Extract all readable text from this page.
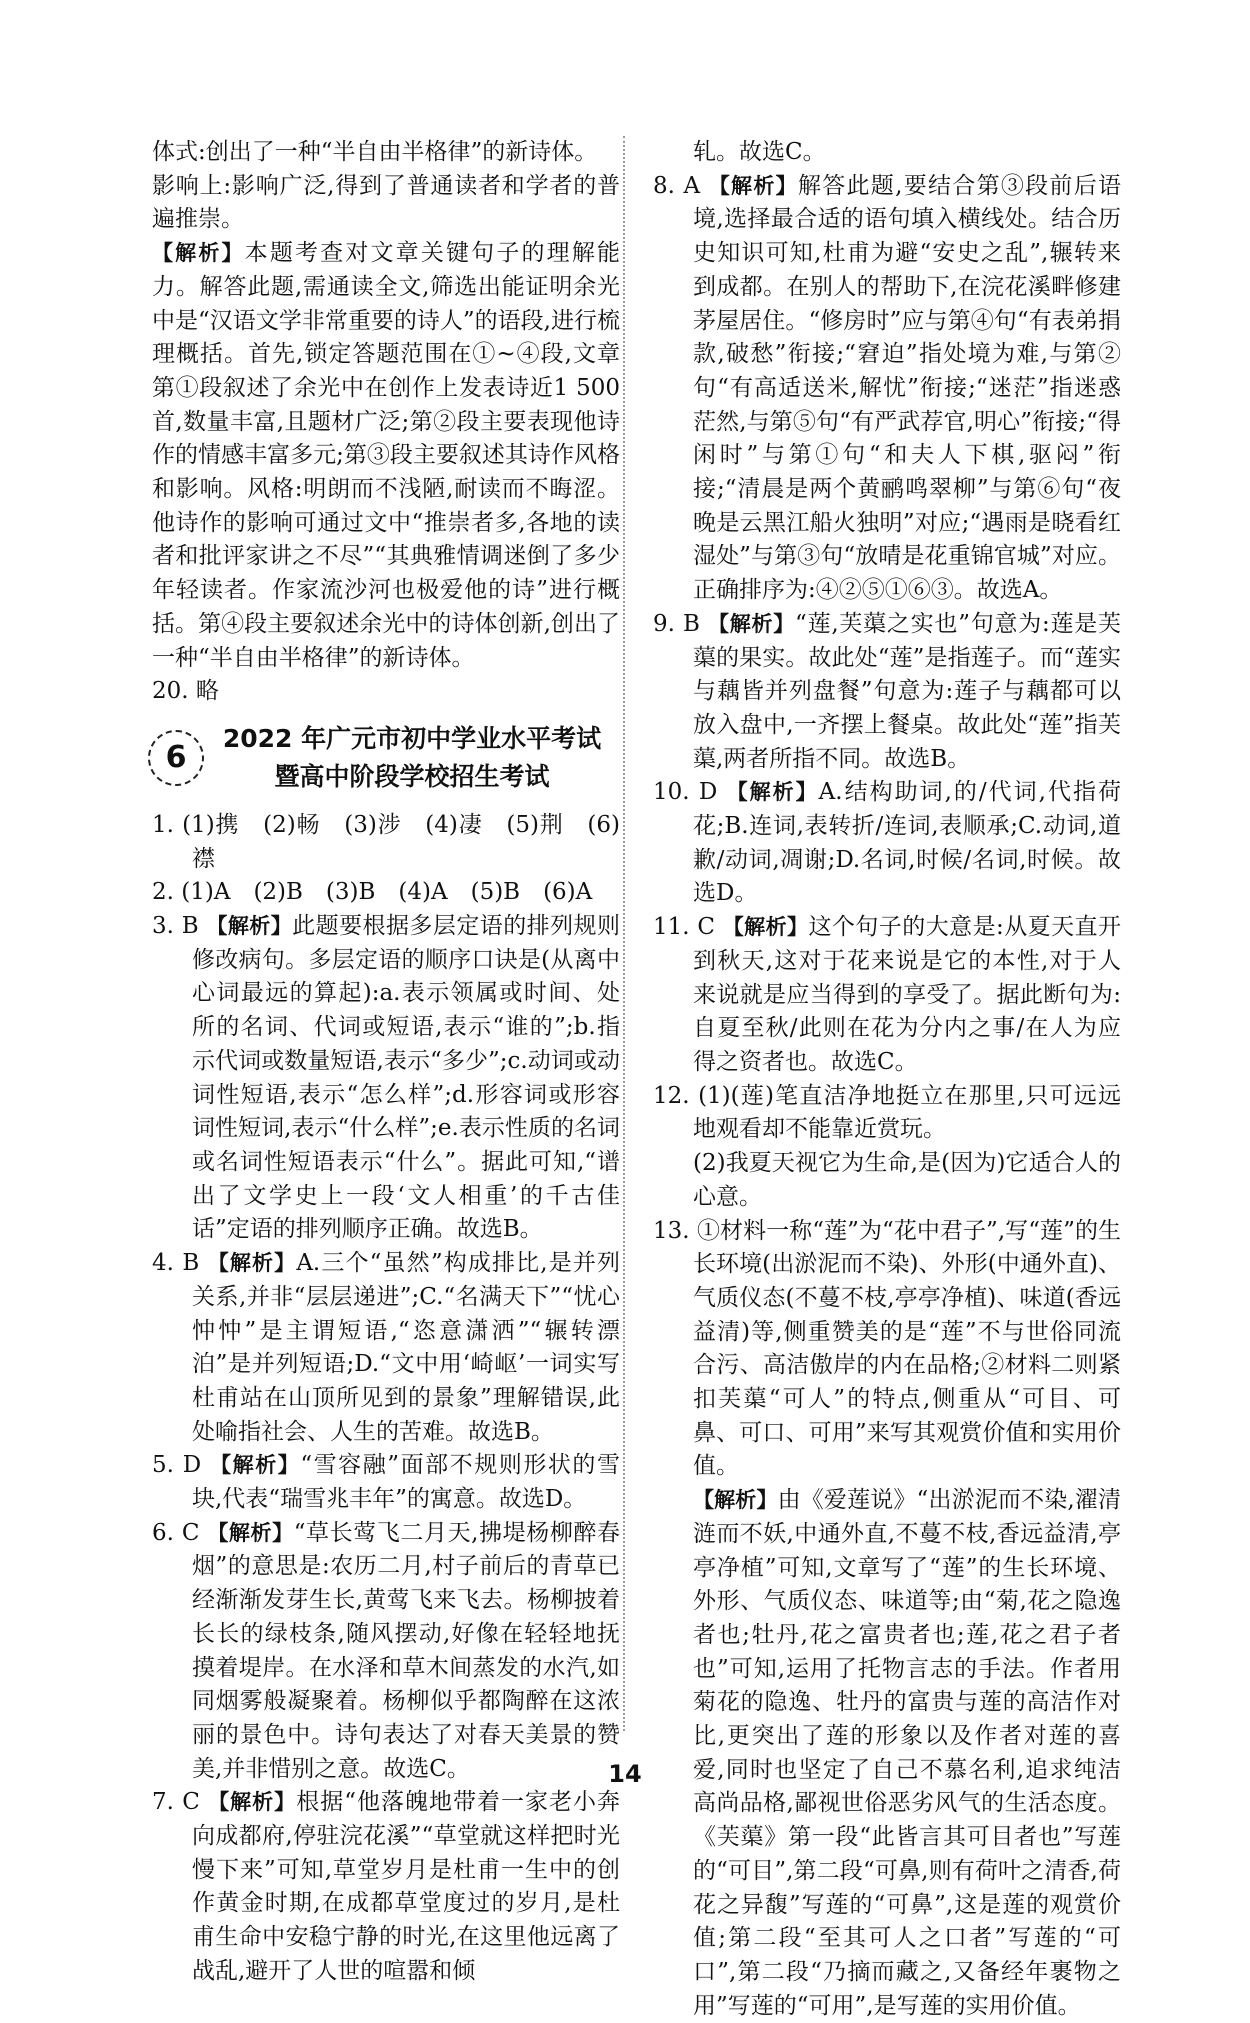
体式:创出了一种“半自由半格律”的新诗体。

影响上:影响广泛,得到了普通读者和学者的普遍推崇。

【解析】本题考查对文章关键句子的理解能力。解答此题,需通读全文,筛选出能证明余光中是“汉语文学非常重要的诗人”的语段,进行梳理概括。首先,锁定答题范围在①~④段,文章第①段叙述了余光中在创作上发表诗近1 500首,数量丰富,且题材广泛;第②段主要表现他诗作的情感丰富多元;第③段主要叙述其诗作风格和影响。风格:明朗而不浅陋,耐读而不晦涩。他诗作的影响可通过文中“推崇者多,各地的读者和批评家讲之不尽”“其典雅情调迷倒了多少年轻读者。作家流沙河也极爱他的诗”进行概括。第④段主要叙述余光中的诗体创新,创出了一种“半自由半格律”的新诗体。

20. 略

6
2022 年广元市初中学业水平考试
暨高中阶段学校招生考试

1. (1)携　(2)畅　(3)涉　(4)凄　(5)荆　(6)襟

2. (1)A　(2)B　(3)B　(4)A　(5)B　(6)A

3. B 【解析】此题要根据多层定语的排列规则修改病句。多层定语的顺序口诀是(从离中心词最远的算起):a.表示领属或时间、处所的名词、代词或短语,表示“谁的”;b.指示代词或数量短语,表示“多少”;c.动词或动词性短语,表示“怎么样”;d.形容词或形容词性短词,表示“什么样”;e.表示性质的名词或名词性短语表示“什么”。据此可知,“谱出了文学史上一段‘文人相重’的千古佳话”定语的排列顺序正确。故选B。

4. B 【解析】A.三个“虽然”构成排比,是并列关系,并非“层层递进”;C.“名满天下”“忧心忡忡”是主谓短语,“恣意潇洒”“辗转漂泊”是并列短语;D.“文中用‘崎岖’一词实写杜甫站在山顶所见到的景象”理解错误,此处喻指社会、人生的苦难。故选B。

5. D 【解析】“雪容融”面部不规则形状的雪块,代表“瑞雪兆丰年”的寓意。故选D。

6. C 【解析】“草长莺飞二月天,拂堤杨柳醉春烟”的意思是:农历二月,村子前后的青草已经渐渐发芽生长,黄莺飞来飞去。杨柳披着长长的绿枝条,随风摆动,好像在轻轻地抚摸着堤岸。在水泽和草木间蒸发的水汽,如同烟雾般凝聚着。杨柳似乎都陶醉在这浓丽的景色中。诗句表达了对春天美景的赞美,并非惜别之意。故选C。

7. C 【解析】根据“他落魄地带着一家老小奔向成都府,停驻浣花溪”“草堂就这样把时光慢下来”可知,草堂岁月是杜甫一生中的创作黄金时期,在成都草堂度过的岁月,是杜甫生命中安稳宁静的时光,在这里他远离了战乱,避开了人世的喧嚣和倾

轧。故选C。

8. A 【解析】解答此题,要结合第③段前后语境,选择最合适的语句填入横线处。结合历史知识可知,杜甫为避“安史之乱”,辗转来到成都。在别人的帮助下,在浣花溪畔修建茅屋居住。“修房时”应与第④句“有表弟捐款,破愁”衔接;“窘迫”指处境为难,与第②句“有高适送米,解忧”衔接;“迷茫”指迷惑茫然,与第⑤句“有严武荐官,明心”衔接;“得闲时”与第①句“和夫人下棋,驱闷”衔接;“清晨是两个黄鹂鸣翠柳”与第⑥句“夜晚是云黑江船火独明”对应;“遇雨是晓看红湿处”与第③句“放晴是花重锦官城”对应。正确排序为:④②⑤①⑥③。故选A。

9. B 【解析】“莲,芙蕖之实也”句意为:莲是芙蕖的果实。故此处“莲”是指莲子。而“莲实与藕皆并列盘餐”句意为:莲子与藕都可以放入盘中,一齐摆上餐桌。故此处“莲”指芙蕖,两者所指不同。故选B。

10. D 【解析】A.结构助词,的/代词,代指荷花;B.连词,表转折/连词,表顺承;C.动词,道歉/动词,凋谢;D.名词,时候/名词,时候。故选D。

11. C 【解析】这个句子的大意是:从夏天直开到秋天,这对于花来说是它的本性,对于人来说就是应当得到的享受了。据此断句为:自夏至秋/此则在花为分内之事/在人为应得之资者也。故选C。

12. (1)(莲)笔直洁净地挺立在那里,只可远远地观看却不能靠近赏玩。

(2)我夏天视它为生命,是(因为)它适合人的心意。

13. ①材料一称“莲”为“花中君子”,写“莲”的生长环境(出淤泥而不染)、外形(中通外直)、气质仪态(不蔓不枝,亭亭净植)、味道(香远益清)等,侧重赞美的是“莲”不与世俗同流合污、高洁傲岸的内在品格;②材料二则紧扣芙蕖“可人”的特点,侧重从“可目、可鼻、可口、可用”来写其观赏价值和实用价值。

【解析】由《爱莲说》“出淤泥而不染,濯清涟而不妖,中通外直,不蔓不枝,香远益清,亭亭净植”可知,文章写了“莲”的生长环境、外形、气质仪态、味道等;由“菊,花之隐逸者也;牡丹,花之富贵者也;莲,花之君子者也”可知,运用了托物言志的手法。作者用菊花的隐逸、牡丹的富贵与莲的高洁作对比,更突出了莲的形象以及作者对莲的喜爱,同时也坚定了自己不慕名利,追求纯洁高尚品格,鄙视世俗恶劣风气的生活态度。《芙蕖》第一段“此皆言其可目者也”写莲的“可目”,第二段“可鼻,则有荷叶之清香,荷花之异馥”写莲的“可鼻”,这是莲的观赏价值;第二段“至其可人之口者”写莲的“可口”,第二段“乃摘而藏之,又备经年裹物之用”写莲的“可用”,是写莲的实用价值。

14
